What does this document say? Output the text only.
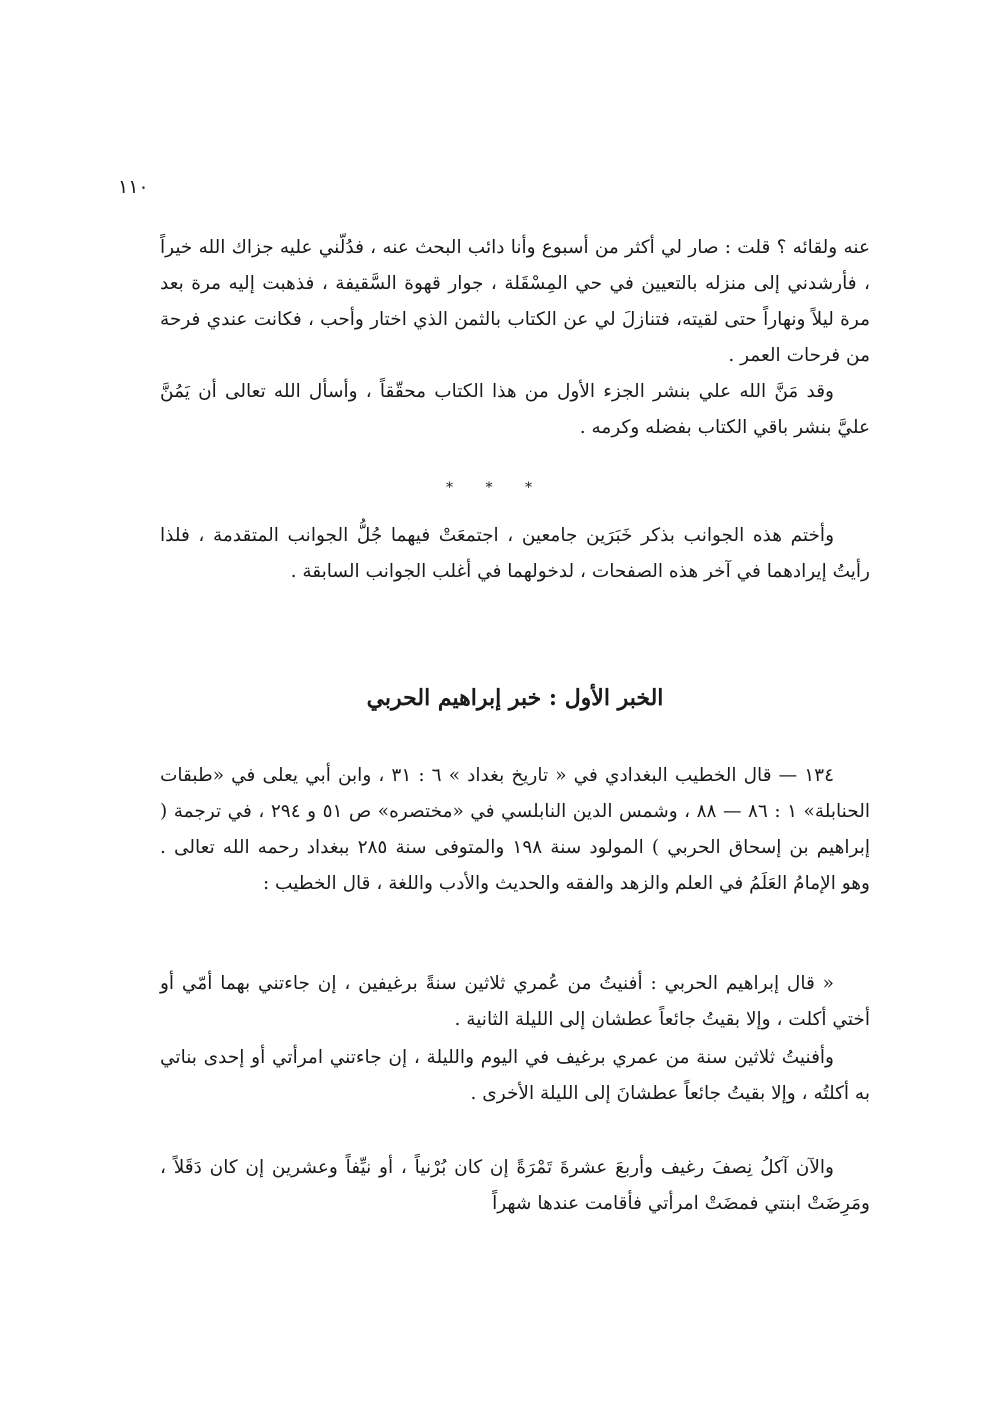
١١٠

عنه ولقائه ؟ قلت : صار لي أكثر من أسبوع وأنا دائب البحث عنه ، فدُلّني عليه جزاك الله خيراً ، فأرشدني إلى منزله بالتعيين في حي المِسْقَلة ، جوار قهوة السَّقيفة ، فذهبت إليه مرة بعد مرة ليلاً ونهاراً حتى لقيته، فتنازلَ لي عن الكتاب بالثمن الذي اختار وأحب ، فكانت عندي فرحة من فرحات العمر .

وقد مَنَّ الله علي بنشر الجزء الأول من هذا الكتاب محقّقاً ، وأسأل الله تعالى أن يَمُنَّ عليَّ بنشر باقي الكتاب بفضله وكرمه .

* * *

وأختم هذه الجوانب بذكر خَبَرَين جامعين ، اجتمعَتْ فيهما جُلُّ الجوانب المتقدمة ، فلذا رأيتُ إيرادهما في آخر هذه الصفحات ، لدخولهما في أغلب الجوانب السابقة .

الخبر الأول : خبر إبراهيم الحربي

١٣٤ — قال الخطيب البغدادي في « تاريخ بغداد » ٦ : ٣١ ، وابن أبي يعلى في «طبقات الحنابلة» ١ : ٨٦ — ٨٨ ، وشمس الدين النابلسي في «مختصره» ص ٥١ و ٢٩٤ ، في ترجمة ( إبراهيم بن إسحاق الحربي ) المولود سنة ١٩٨ والمتوفى سنة ٢٨٥ ببغداد رحمه الله تعالى . وهو الإمامُ العَلَمُ في العلم والزهد والفقه والحديث والأدب واللغة ، قال الخطيب :

« قال إبراهيم الحربي : أفنيتُ من عُمري ثلاثين سنةً برغيفين ، إن جاءتني بهما أمّي أو أختي أكلت ، وإلا بقيتُ جائعاً عطشان إلى الليلة الثانية .

وأفنيتُ ثلاثين سنة من عمري برغيف في اليوم والليلة ، إن جاءتني امرأتي أو إحدى بناتي به أكلتُه ، وإلا بقيتُ جائعاً عطشانَ إلى الليلة الأخرى .

والآن آكلُ نِصفَ رغيف وأربعَ عشرةَ تَمْرَةً إن كان بُرْنياً ، أو نيِّفاً وعشرين إن كان دَقَلاً ، ومَرِضَتْ ابنتي فمضَتْ امرأتي فأقامت عندها شهراً
